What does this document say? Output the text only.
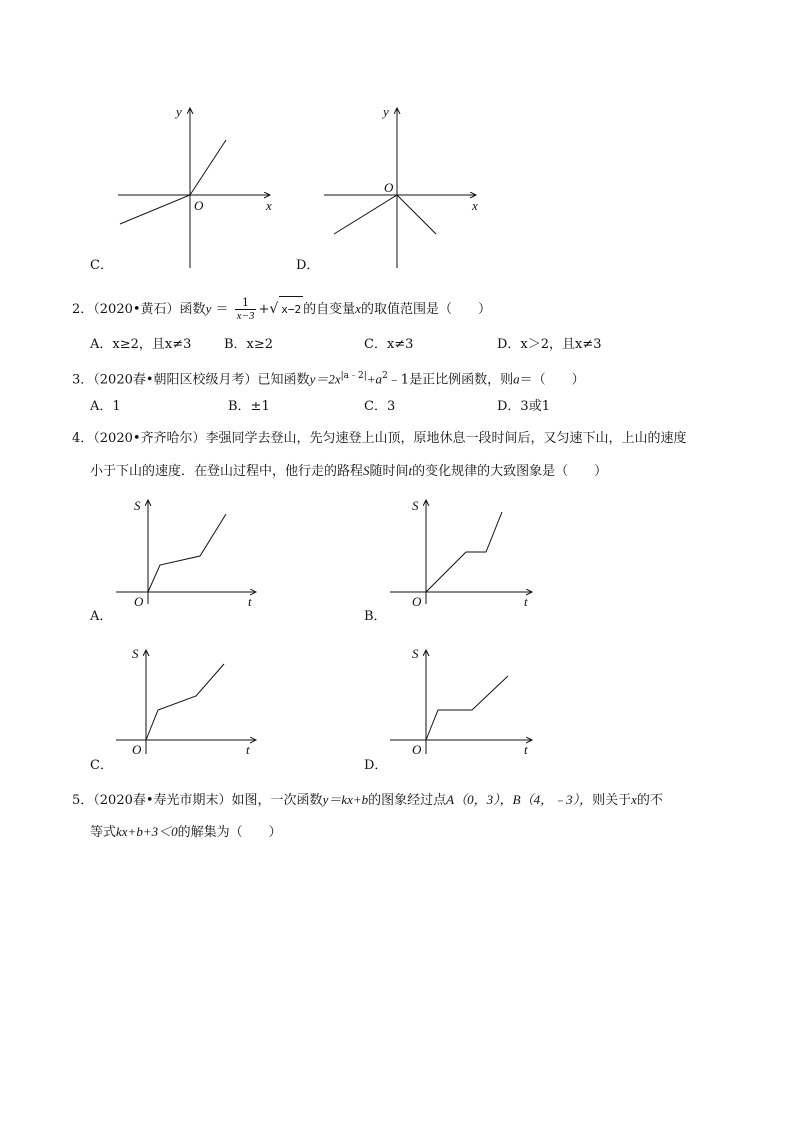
y
x
O
C．
y
x
O
D．
2．（2020•黄石）函数$y = \frac{1}{x-3}$ +√ x−2 的自变量x的取值范围是（　　）
A．x≥2，且x≠3	B．x≥2	C．x≠3	D．x＞2，且x≠3
3．（2020春•朝阳区校级月考）已知函数$y=2x^{|a﹣2|}+a^2﹣1$是正比例函数，则a＝（　　）
A．1	B．±1	C．3	D．3或1
4．（2020•齐齐哈尔）李强同学去登山，先匀速登上山顶，原地休息一段时间后，又匀速下山，上山的速度
小于下山的速度．在登山过程中，他行走的路程S随时间t的变化规律的大致图象是（　　）
S
t
O
A．
S
t
O
B．
S
t
O
C．
S
t
O
D．
5．（2020春•寿光市期末）如图，一次函数y＝kx+b的图象经过点A（0，3），B（4，﹣3），则关于x的不
等式kx+b+3＜0的解集为（　　）
